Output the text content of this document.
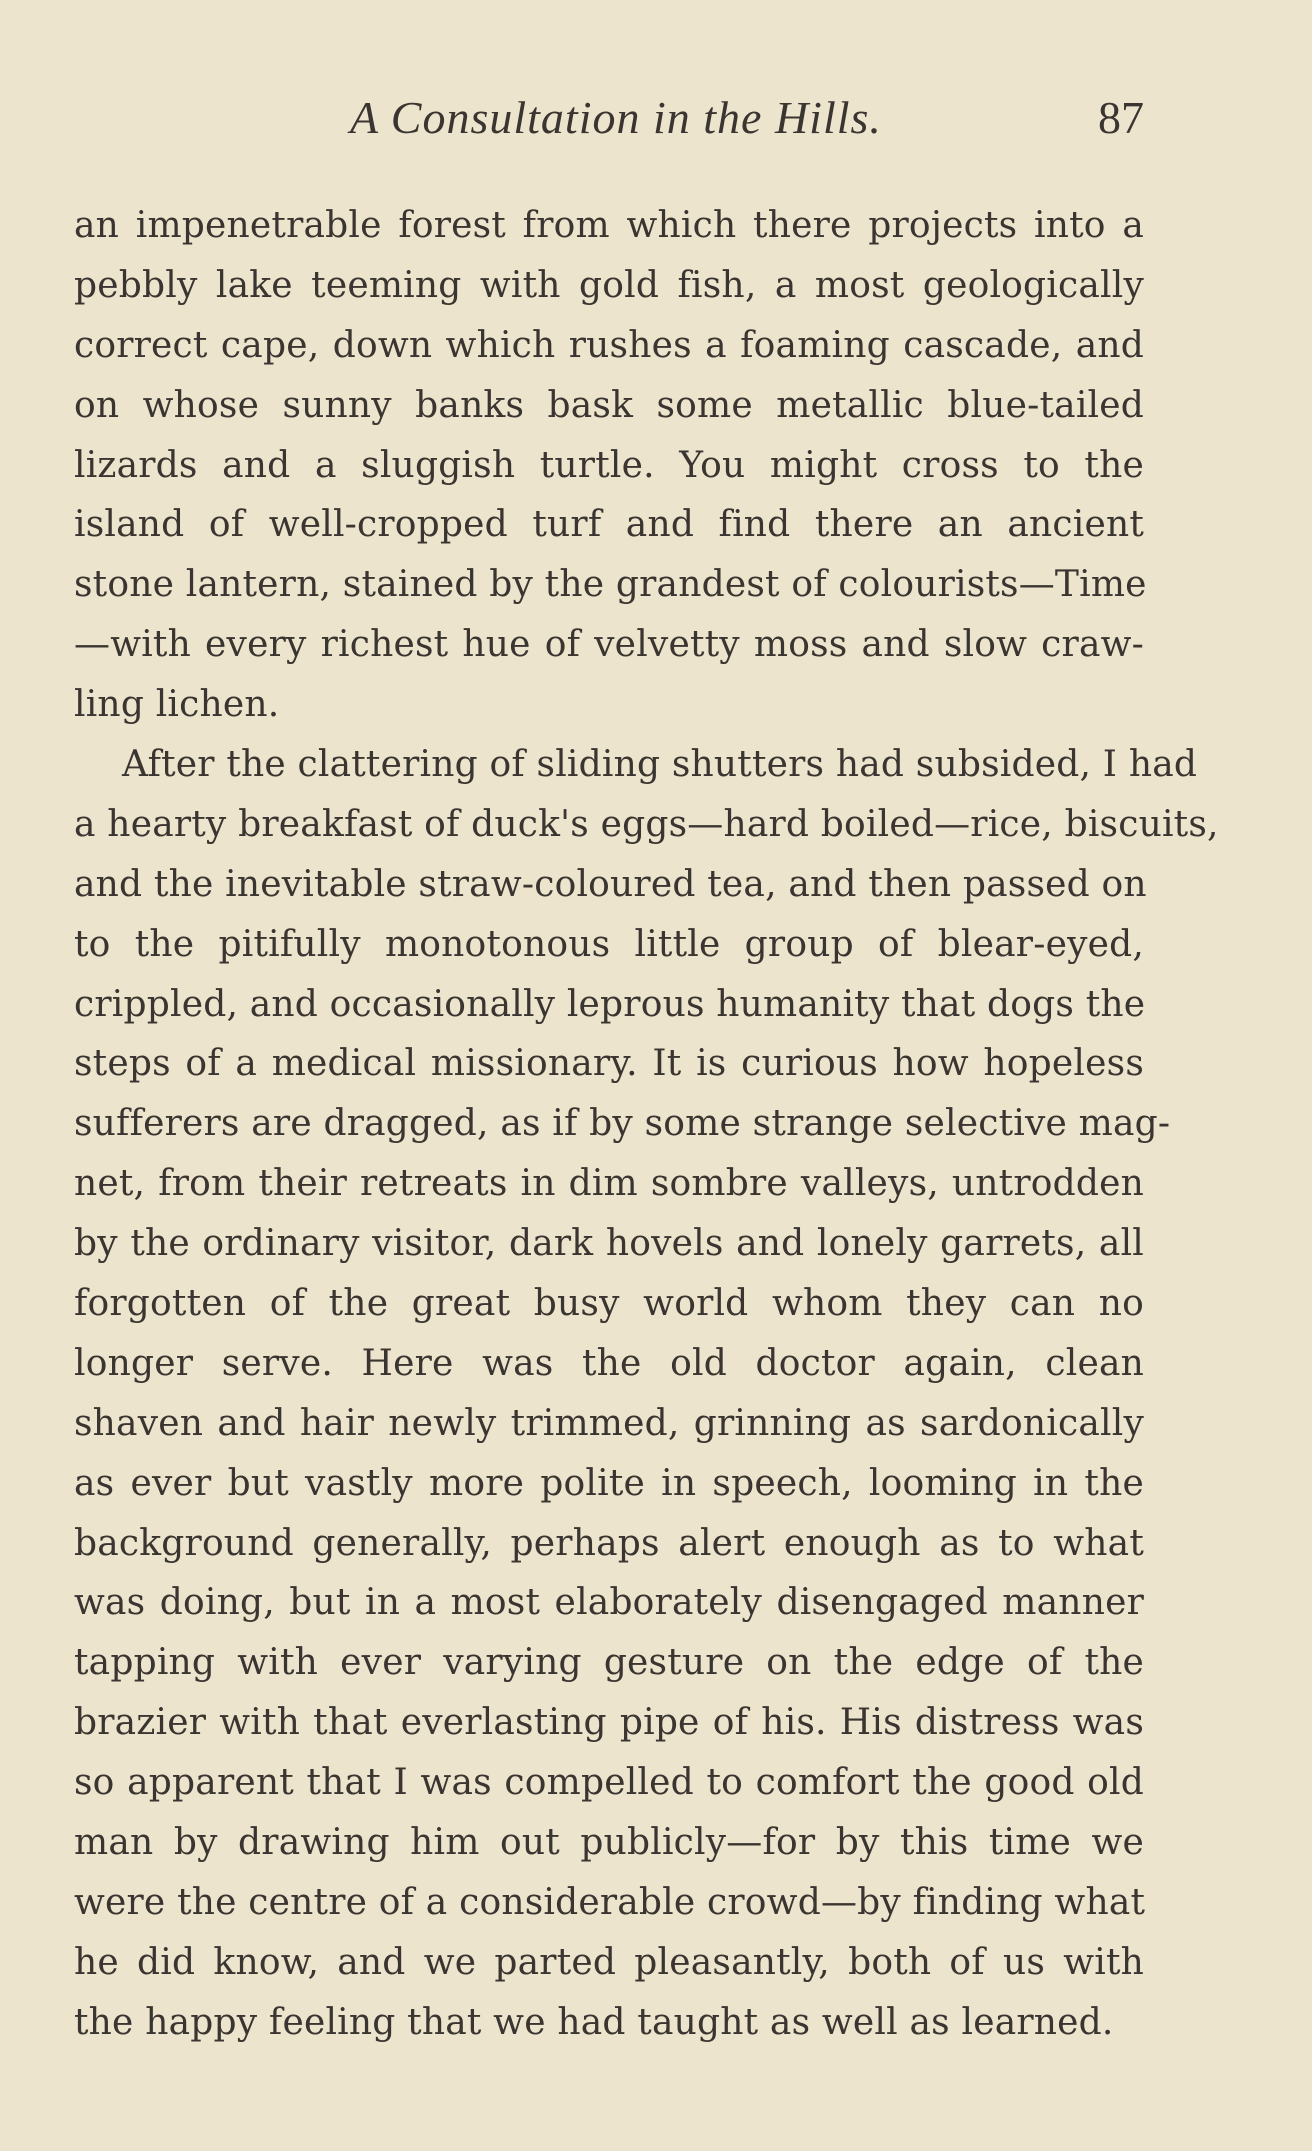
A Consultation in the Hills.	87
an impenetrable forest from which there projects into a
pebbly lake teeming with gold fish, a most geologically
correct cape, down which rushes a foaming cascade, and
on whose sunny banks bask some metallic blue-tailed
lizards and a sluggish turtle. You might cross to the
island of well-cropped turf and find there an ancient
stone lantern, stained by the grandest of colourists—Time
—with every richest hue of velvetty moss and slow craw-
ling lichen.
After the clattering of sliding shutters had subsided, I had
a hearty breakfast of duck's eggs—hard boiled—rice, biscuits,
and the inevitable straw-coloured tea, and then passed on
to the pitifully monotonous little group of blear-eyed,
crippled, and occasionally leprous humanity that dogs the
steps of a medical missionary. It is curious how hopeless
sufferers are dragged, as if by some strange selective mag-
net, from their retreats in dim sombre valleys, untrodden
by the ordinary visitor, dark hovels and lonely garrets, all
forgotten of the great busy world whom they can no
longer serve. Here was the old doctor again, clean
shaven and hair newly trimmed, grinning as sardonically
as ever but vastly more polite in speech, looming in the
background generally, perhaps alert enough as to what
was doing, but in a most elaborately disengaged manner
tapping with ever varying gesture on the edge of the
brazier with that everlasting pipe of his. His distress was
so apparent that I was compelled to comfort the good old
man by drawing him out publicly—for by this time we
were the centre of a considerable crowd—by finding what
he did know, and we parted pleasantly, both of us with
the happy feeling that we had taught as well as learned.
